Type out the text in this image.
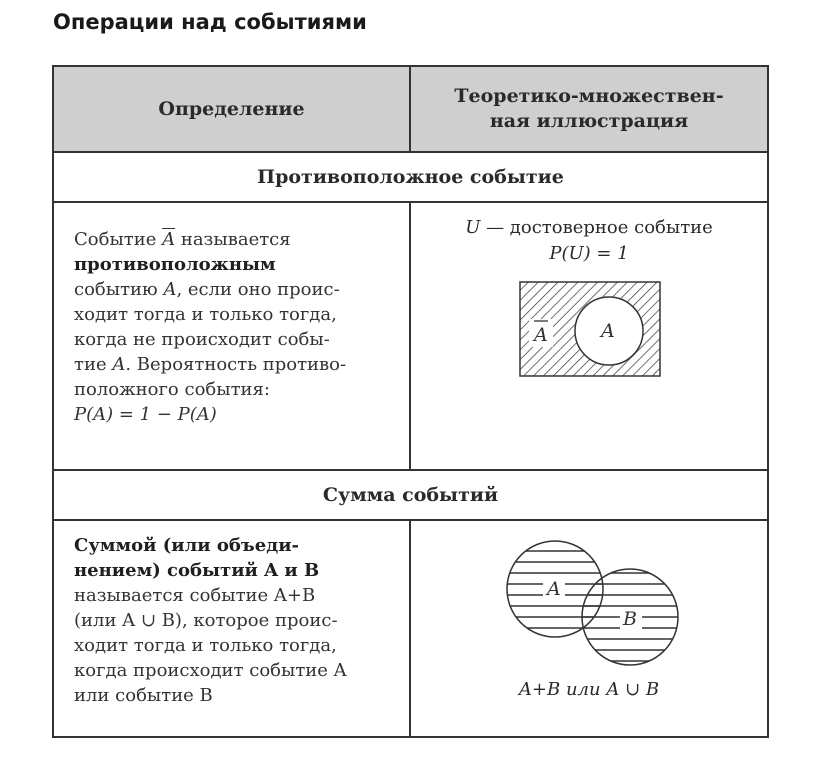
Операции над событиями
Определение
Теоретико-множествен-
ная иллюстрация
Противоположное событие
Событие $\overline{A}$ называется
противоположным
событию A, если оно проис-
ходит тогда и только тогда,
когда не происходит собы-
тие A. Вероятность противо-
положного события:
P(A) = 1 − P(A)
U — достоверное событие
P(U) = 1
A	A
Сумма событий
Суммой (или объеди-
нением) событий A и B
называется событие A+B
(или A ∪ B), которое проис-
ходит тогда и только тогда,
когда происходит событие A
или событие B
A
B
A+B или A ∪ B
